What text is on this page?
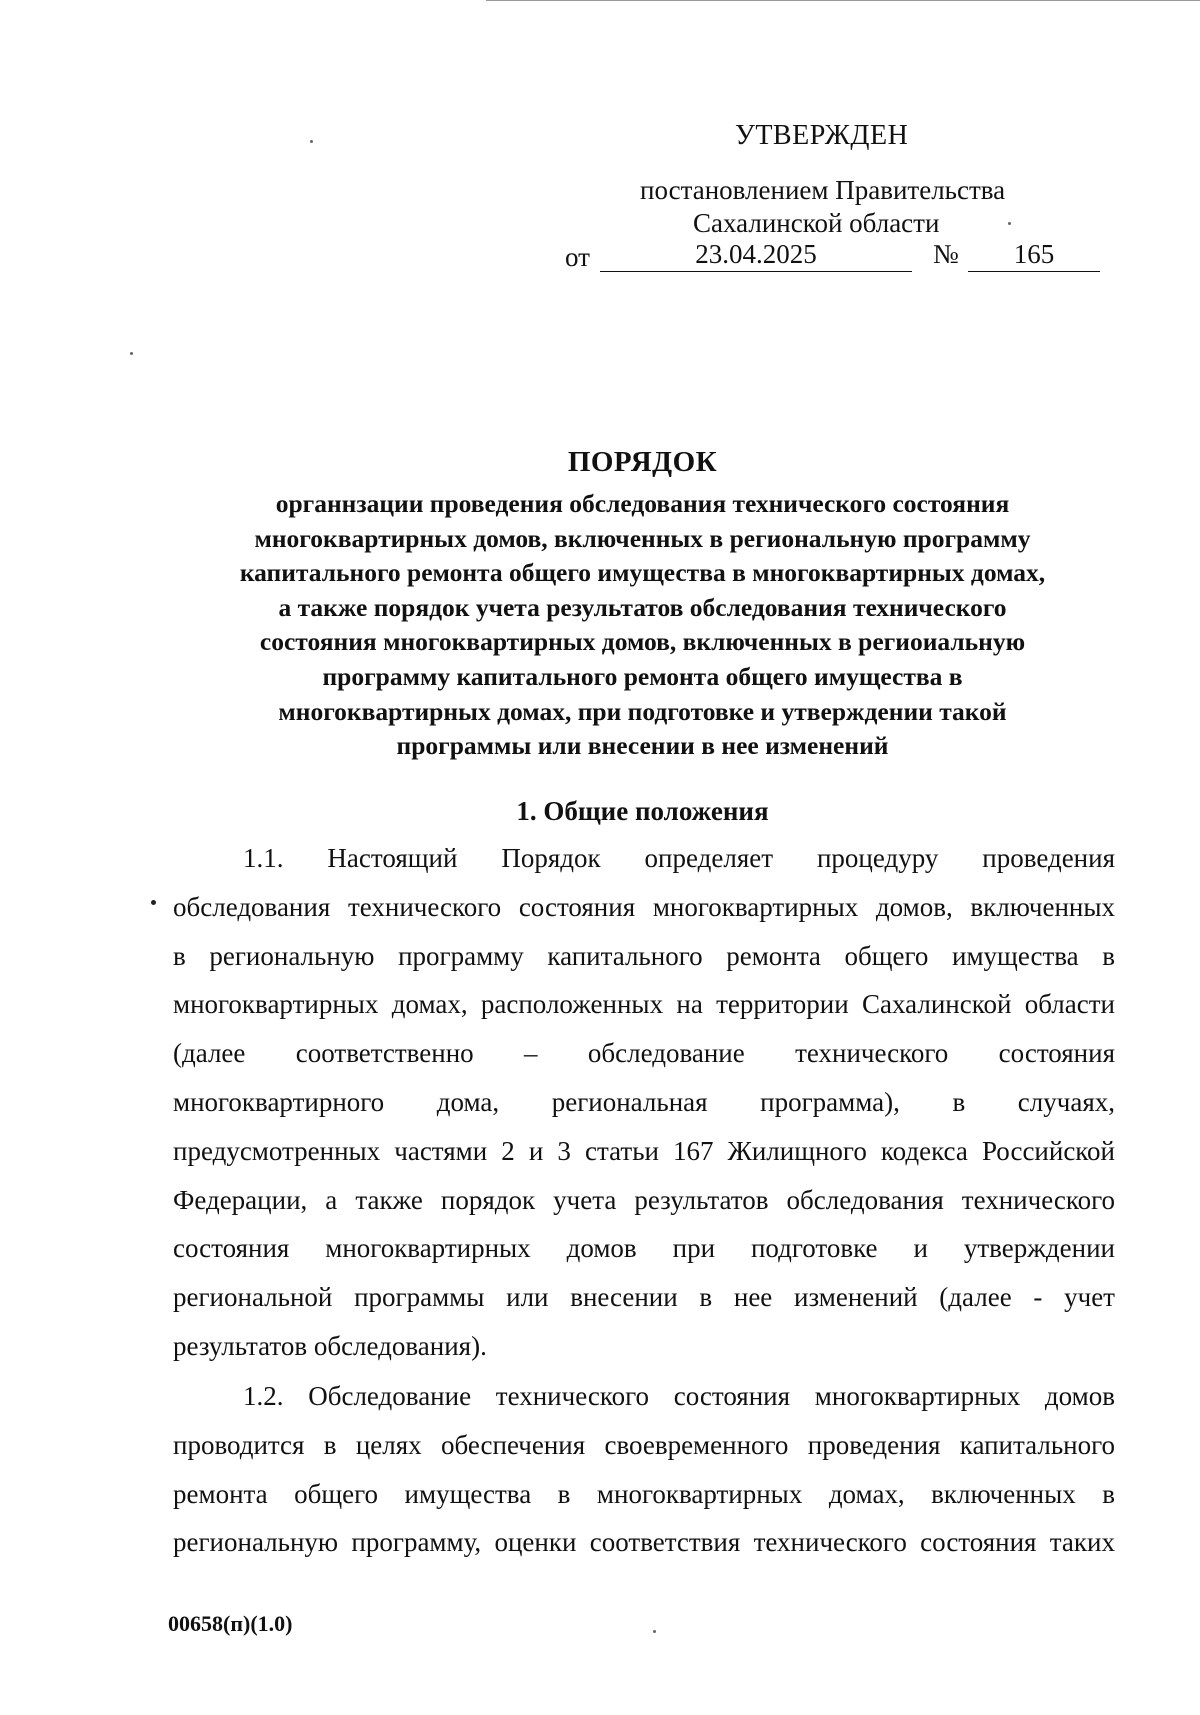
УТВЕРЖДЕН
постановлением Правительства
Сахалинской области
от	23.04.2025	№	165
ПОРЯДОК
органнзации проведения обследования технического состояния
многоквартирных домов, включенных в региональную программу
капитального ремонта общего имущества в многоквартирных домах,
а также порядок учета результатов обследования технического
состояния многоквартирных домов, включенных в региоиальную
программу капитального ремонта общего имущества в
многоквартирных домах, при подготовке и утверждении такой
программы или внесении в нее изменений
1. Общие положения
1.1. Настоящий Порядок определяет процедуру проведения
обследования технического состояния многоквартирных домов, включенных
в региональную программу капитального ремонта общего имущества в
многоквартирных домах, расположенных на территории Сахалинской области
(далее соответственно – обследование технического состояния
многоквартирного дома, региональная программа), в случаях,
предусмотренных частями 2 и 3 статьи 167 Жилищного кодекса Российской
Федерации, а также порядок учета результатов обследования технического
состояния многоквартирных домов при подготовке и утверждении
региональной программы или внесении в нее изменений (далее - учет
результатов обследования).
1.2. Обследование технического состояния многоквартирных домов
проводится в целях обеспечения своевременного проведения капитального
ремонта общего имущества в многоквартирных домах, включенных в
региональную программу, оценки соответствия технического состояния таких
00658(п)(1.0)
